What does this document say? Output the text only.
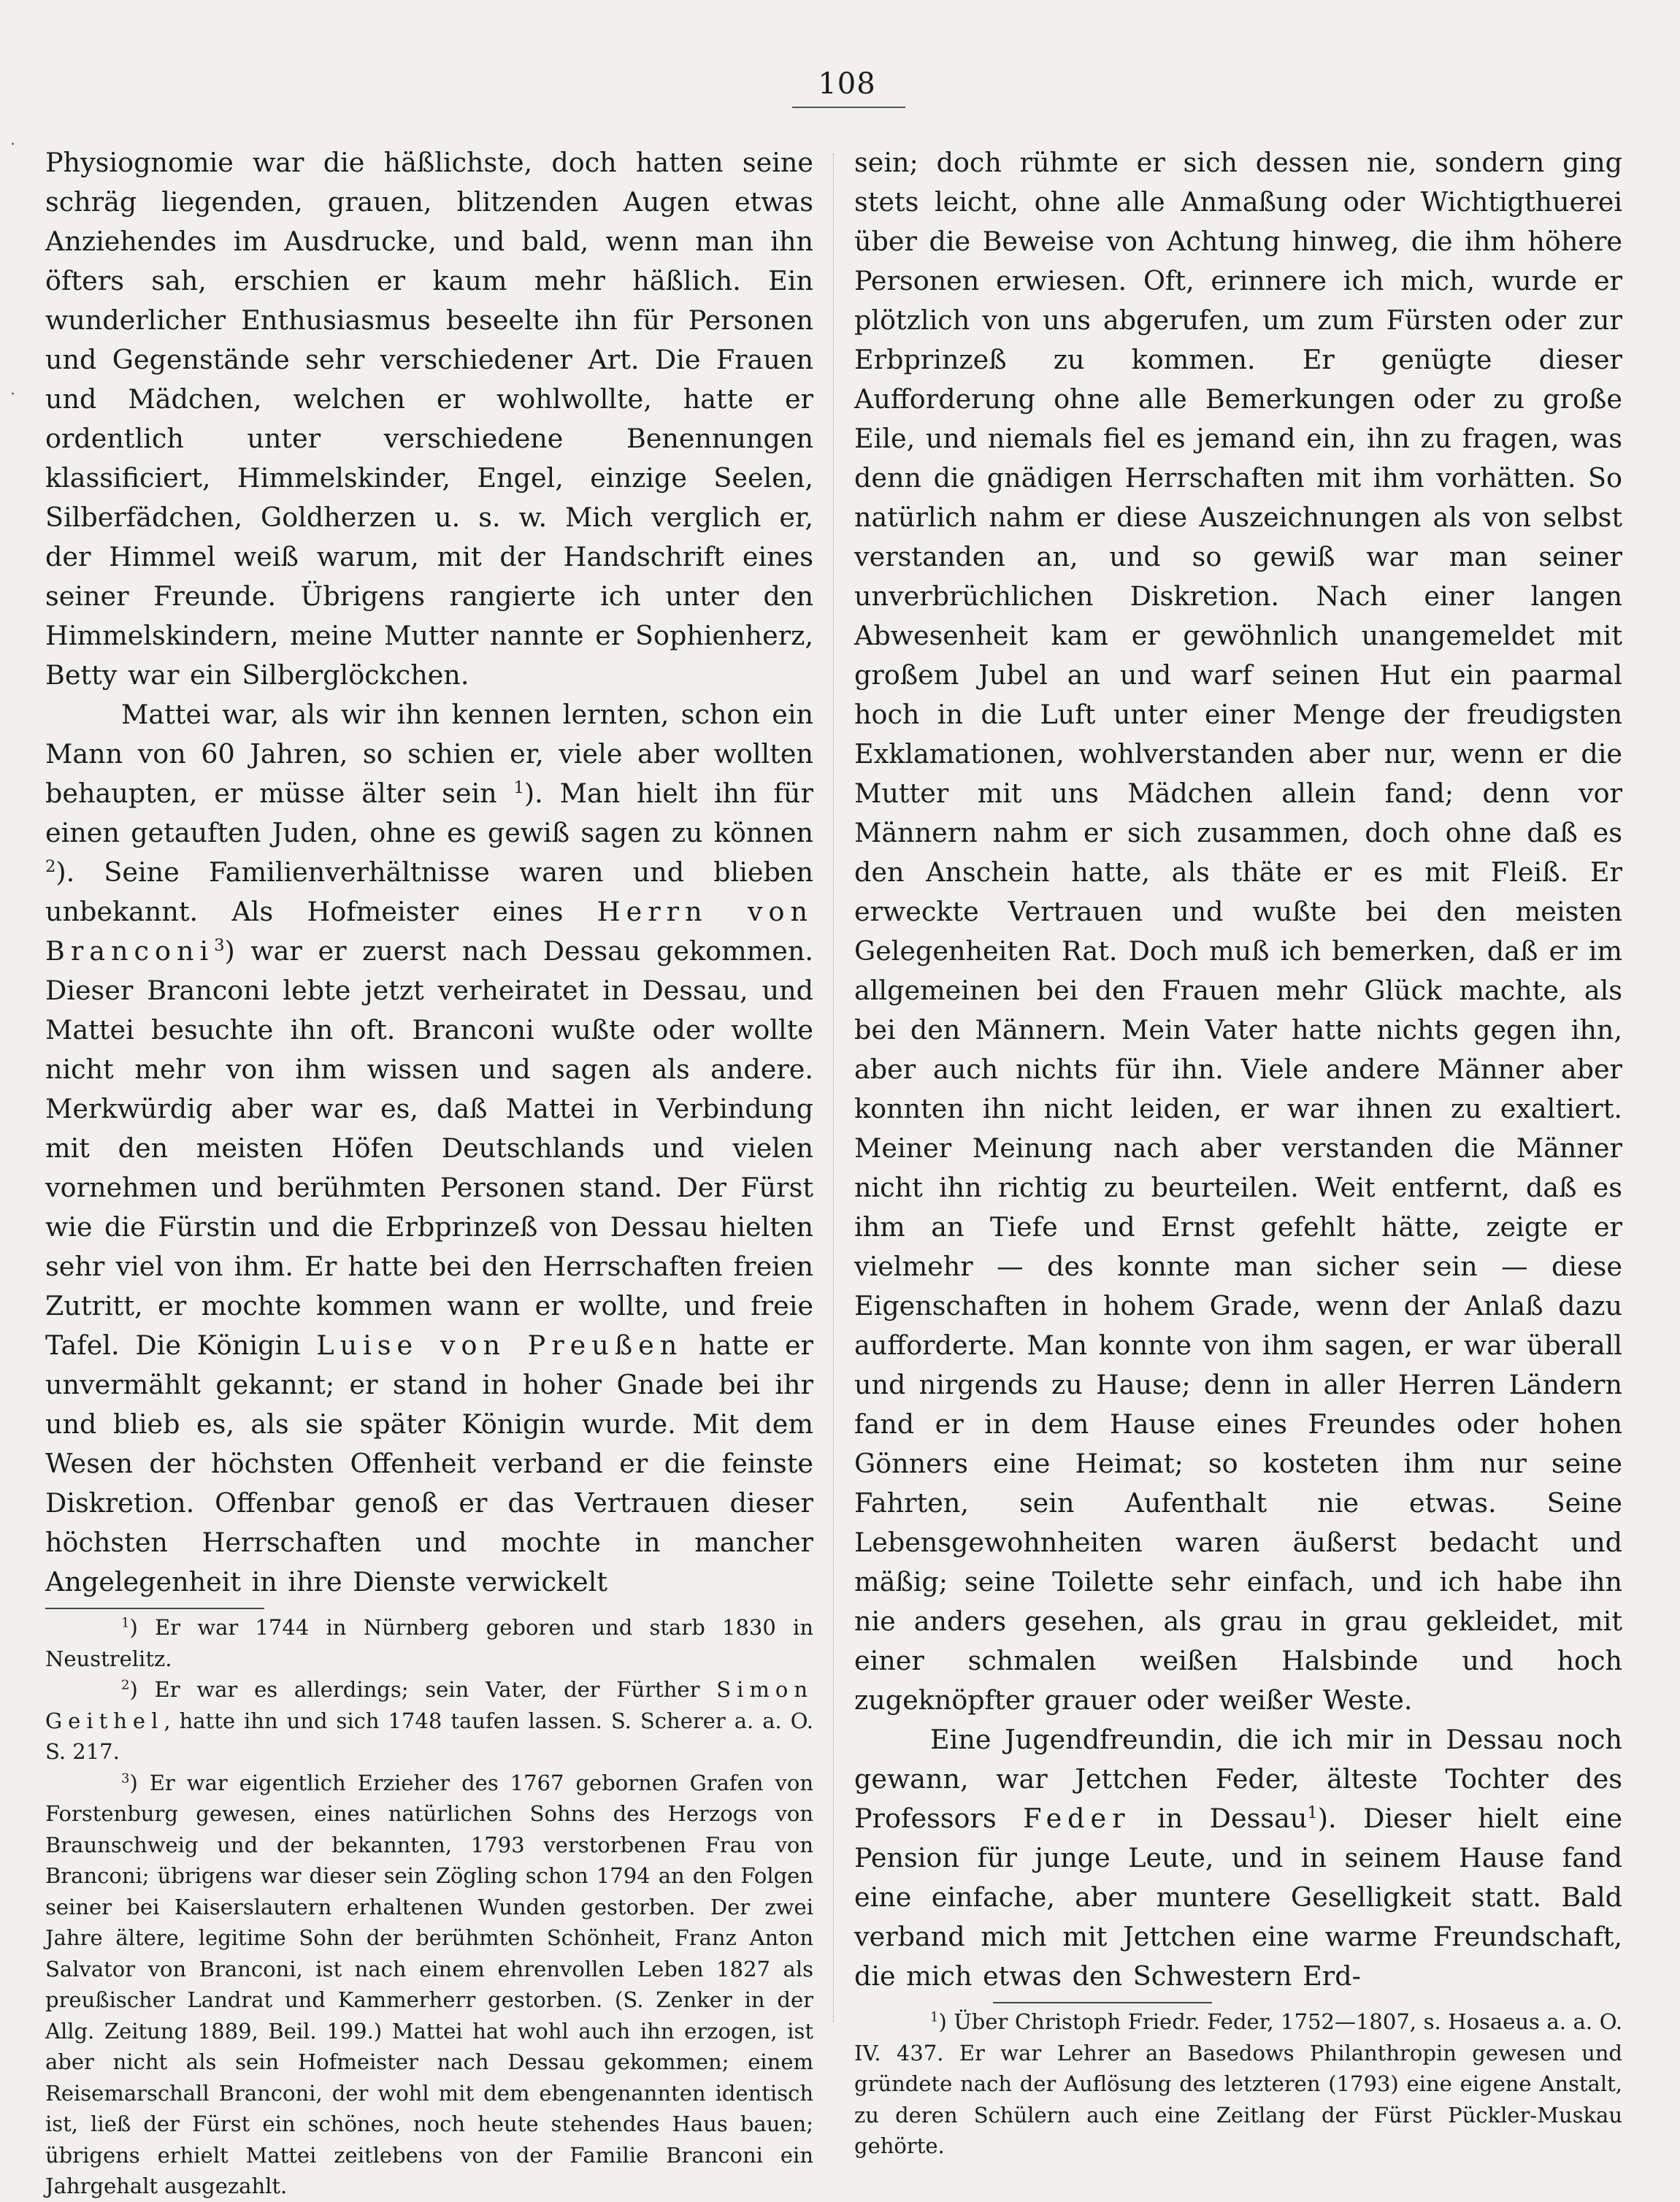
108
·
·

Physiognomie war die häßlichste, doch hatten seine schräg liegenden, grauen, blitzenden Augen etwas Anziehendes im Ausdrucke, und bald, wenn man ihn öfters sah, erschien er kaum mehr häßlich. Ein wunderlicher Enthusiasmus beseelte ihn für Personen und Gegenstände sehr verschiedener Art. Die Frauen und Mädchen, welchen er wohlwollte, hatte er ordentlich unter verschiedene Benennungen klassificiert, Himmelskinder, Engel, einzige Seelen, Silberfädchen, Goldherzen u. s. w. Mich verglich er, der Himmel weiß warum, mit der Handschrift eines seiner Freunde. Übrigens rangierte ich unter den Himmelskindern, meine Mutter nannte er Sophienherz, Betty war ein Silberglöckchen.

Mattei war, als wir ihn kennen lernten, schon ein Mann von 60 Jahren, so schien er, viele aber wollten behaupten, er müsse älter sein $^1$). Man hielt ihn für einen getauften Juden, ohne es gewiß sagen zu können $^2$). Seine Familienverhältnisse waren und blieben unbekannt. Als Hofmeister eines Herrn von Branconi$^3$) war er zuerst nach Dessau gekommen. Dieser Branconi lebte jetzt verheiratet in Dessau, und Mattei besuchte ihn oft. Branconi wußte oder wollte nicht mehr von ihm wissen und sagen als andere. Merkwürdig aber war es, daß Mattei in Verbindung mit den meisten Höfen Deutschlands und vielen vornehmen und berühmten Personen stand. Der Fürst wie die Fürstin und die Erbprinzeß von Dessau hielten sehr viel von ihm. Er hatte bei den Herrschaften freien Zutritt, er mochte kommen wann er wollte, und freie Tafel. Die Königin Luise von Preußen hatte er unvermählt gekannt; er stand in hoher Gnade bei ihr und blieb es, als sie später Königin wurde. Mit dem Wesen der höchsten Offenheit verband er die feinste Diskretion. Offenbar genoß er das Vertrauen dieser höchsten Herrschaften und mochte in mancher Angelegenheit in ihre Dienste verwickelt

$^1$) Er war 1744 in Nürnberg geboren und starb 1830 in Neustrelitz.

$^2$) Er war es allerdings; sein Vater, der Fürther Simon Geithel, hatte ihn und sich 1748 taufen lassen. S. Scherer a. a. O. S. 217.

$^3$) Er war eigentlich Erzieher des 1767 gebornen Grafen von Forstenburg gewesen, eines natürlichen Sohns des Herzogs von Braunschweig und der bekannten, 1793 verstorbenen Frau von Branconi; übrigens war dieser sein Zögling schon 1794 an den Folgen seiner bei Kaiserslautern erhaltenen Wunden gestorben. Der zwei Jahre ältere, legitime Sohn der berühmten Schönheit, Franz Anton Salvator von Branconi, ist nach einem ehrenvollen Leben 1827 als preußischer Landrat und Kammerherr gestorben. (S. Zenker in der Allg. Zeitung 1889, Beil. 199.) Mattei hat wohl auch ihn erzogen, ist aber nicht als sein Hofmeister nach Dessau gekommen; einem Reisemarschall Branconi, der wohl mit dem ebengenannten identisch ist, ließ der Fürst ein schönes, noch heute stehendes Haus bauen; übrigens erhielt Mattei zeitlebens von der Familie Branconi ein Jahrgehalt ausgezahlt.

sein; doch rühmte er sich dessen nie, sondern ging stets leicht, ohne alle Anmaßung oder Wichtigthuerei über die Beweise von Achtung hinweg, die ihm höhere Personen erwiesen. Oft, erinnere ich mich, wurde er plötzlich von uns abgerufen, um zum Fürsten oder zur Erbprinzeß zu kommen. Er genügte dieser Aufforderung ohne alle Bemerkungen oder zu große Eile, und niemals fiel es jemand ein, ihn zu fragen, was denn die gnädigen Herrschaften mit ihm vorhätten. So natürlich nahm er diese Auszeichnungen als von selbst verstanden an, und so gewiß war man seiner unverbrüchlichen Diskretion. Nach einer langen Abwesenheit kam er gewöhnlich unangemeldet mit großem Jubel an und warf seinen Hut ein paarmal hoch in die Luft unter einer Menge der freudigsten Exklamationen, wohlverstanden aber nur, wenn er die Mutter mit uns Mädchen allein fand; denn vor Männern nahm er sich zusammen, doch ohne daß es den Anschein hatte, als thäte er es mit Fleiß. Er erweckte Vertrauen und wußte bei den meisten Gelegenheiten Rat. Doch muß ich bemerken, daß er im allgemeinen bei den Frauen mehr Glück machte, als bei den Männern. Mein Vater hatte nichts gegen ihn, aber auch nichts für ihn. Viele andere Männer aber konnten ihn nicht leiden, er war ihnen zu exaltiert. Meiner Meinung nach aber verstanden die Männer nicht ihn richtig zu beurteilen. Weit entfernt, daß es ihm an Tiefe und Ernst gefehlt hätte, zeigte er vielmehr — des konnte man sicher sein — diese Eigenschaften in hohem Grade, wenn der Anlaß dazu aufforderte. Man konnte von ihm sagen, er war überall und nirgends zu Hause; denn in aller Herren Ländern fand er in dem Hause eines Freundes oder hohen Gönners eine Heimat; so kosteten ihm nur seine Fahrten, sein Aufenthalt nie etwas. Seine Lebensgewohnheiten waren äußerst bedacht und mäßig; seine Toilette sehr einfach, und ich habe ihn nie anders gesehen, als grau in grau gekleidet, mit einer schmalen weißen Halsbinde und hoch zugeknöpfter grauer oder weißer Weste.

Eine Jugendfreundin, die ich mir in Dessau noch gewann, war Jettchen Feder, älteste Tochter des Professors Feder in Dessau$^1$). Dieser hielt eine Pension für junge Leute, und in seinem Hause fand eine einfache, aber muntere Geselligkeit statt. Bald verband mich mit Jettchen eine warme Freundschaft, die mich etwas den Schwestern Erd-

$^1$) Über Christoph Friedr. Feder, 1752—1807, s. Hosaeus a. a. O. IV. 437. Er war Lehrer an Basedows Philanthropin gewesen und gründete nach der Auflösung des letzteren (1793) eine eigene Anstalt, zu deren Schülern auch eine Zeitlang der Fürst Pückler-Muskau gehörte.
